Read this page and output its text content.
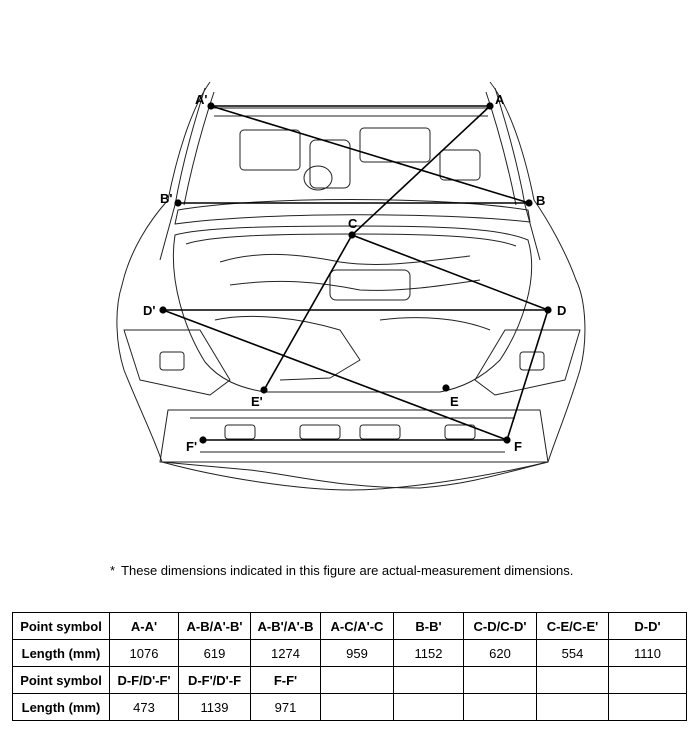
A'	A
B'	B
C
D'	D
E'	E
F'	F
* These dimensions indicated in this figure are actual-measurement dimensions.
Point symbol	A-A'	A-B/A'-B'	A-B'/A'-B	A-C/A'-C	B-B'	C-D/C-D'	C-E/C-E'	D-D'
Length (mm)	1076	619	1274	959	1152	620	554	1110
Point symbol	D-F/D'-F'	D-F'/D'-F	F-F'					
Length (mm)	473	1139	971					
